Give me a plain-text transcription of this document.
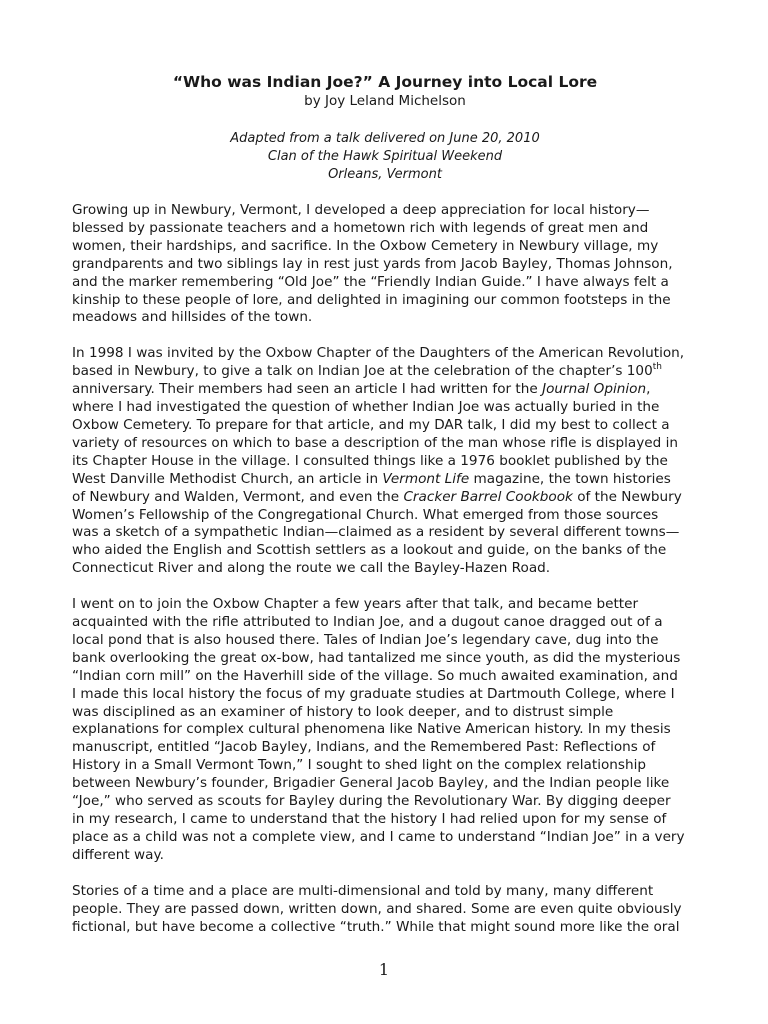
“Who was Indian Joe?” A Journey into Local Lore

by Joy Leland Michelson

Adapted from a talk delivered on June 20, 2010
Clan of the Hawk Spiritual Weekend
Orleans, Vermont
Growing up in Newbury, Vermont, I developed a deep appreciation for local history—
blessed by passionate teachers and a hometown rich with legends of great men and
women, their hardships, and sacrifice. In the Oxbow Cemetery in Newbury village, my
grandparents and two siblings lay in rest just yards from Jacob Bayley, Thomas Johnson,
and the marker remembering “Old Joe” the “Friendly Indian Guide.” I have always felt a
kinship to these people of lore, and delighted in imagining our common footsteps in the
meadows and hillsides of the town.
In 1998 I was invited by the Oxbow Chapter of the Daughters of the American Revolution,
based in Newbury, to give a talk on Indian Joe at the celebration of the chapter’s 100th
anniversary. Their members had seen an article I had written for the Journal Opinion,
where I had investigated the question of whether Indian Joe was actually buried in the
Oxbow Cemetery. To prepare for that article, and my DAR talk, I did my best to collect a
variety of resources on which to base a description of the man whose rifle is displayed in
its Chapter House in the village. I consulted things like a 1976 booklet published by the
West Danville Methodist Church, an article in Vermont Life magazine, the town histories
of Newbury and Walden, Vermont, and even the Cracker Barrel Cookbook of the Newbury
Women’s Fellowship of the Congregational Church. What emerged from those sources
was a sketch of a sympathetic Indian—claimed as a resident by several different towns—
who aided the English and Scottish settlers as a lookout and guide, on the banks of the
Connecticut River and along the route we call the Bayley-Hazen Road.
I went on to join the Oxbow Chapter a few years after that talk, and became better
acquainted with the rifle attributed to Indian Joe, and a dugout canoe dragged out of a
local pond that is also housed there. Tales of Indian Joe’s legendary cave, dug into the
bank overlooking the great ox-bow, had tantalized me since youth, as did the mysterious
“Indian corn mill” on the Haverhill side of the village. So much awaited examination, and
I made this local history the focus of my graduate studies at Dartmouth College, where I
was disciplined as an examiner of history to look deeper, and to distrust simple
explanations for complex cultural phenomena like Native American history. In my thesis
manuscript, entitled “Jacob Bayley, Indians, and the Remembered Past: Reflections of
History in a Small Vermont Town,” I sought to shed light on the complex relationship
between Newbury’s founder, Brigadier General Jacob Bayley, and the Indian people like
“Joe,” who served as scouts for Bayley during the Revolutionary War. By digging deeper
in my research, I came to understand that the history I had relied upon for my sense of
place as a child was not a complete view, and I came to understand “Indian Joe” in a very
different way.
Stories of a time and a place are multi-dimensional and told by many, many different
people. They are passed down, written down, and shared. Some are even quite obviously
fictional, but have become a collective “truth.” While that might sound more like the oral
1
